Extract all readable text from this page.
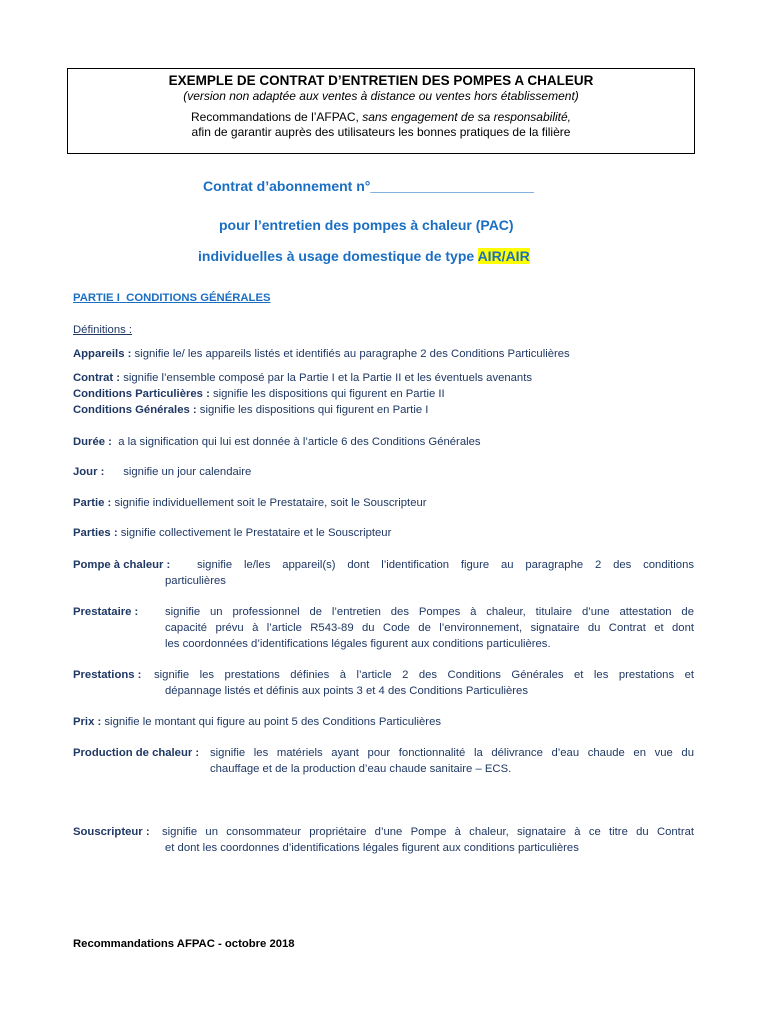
EXEMPLE DE CONTRAT D’ENTRETIEN DES POMPES A CHALEUR
(version non adaptée aux ventes à distance ou ventes hors établissement)
Recommandations de l’AFPAC, sans engagement de sa responsabilité,
afin de garantir auprès des utilisateurs les bonnes pratiques de la filière
Contrat d’abonnement n°_____________________
pour l’entretien des pompes à chaleur (PAC)
individuelles à usage domestique de type AIR/AIR
PARTIE I CONDITIONS GÉNÉRALES
Définitions :
Appareils : signifie le/ les appareils listés et identifiés au paragraphe 2 des Conditions Particulières
Contrat : signifie l’ensemble composé par la Partie I et la Partie II et les éventuels avenants
Conditions Particulières : signifie les dispositions qui figurent en Partie II
Conditions Générales : signifie les dispositions qui figurent en Partie I
Durée :  a la signification qui lui est donnée à l’article 6 des Conditions Générales
Jour :      signifie un jour calendaire
Partie : signifie individuellement soit le Prestataire, soit le Souscripteur
Parties : signifie collectivement le Prestataire et le Souscripteur
Pompe à chaleur : signifie le/les appareil(s) dont l’identification figure au paragraphe 2 des conditions
particulières
Prestataire : signifie un professionnel de l’entretien des Pompes à chaleur, titulaire d’une attestation de
capacité prévu à l’article R543-89 du Code de l’environnement, signataire du Contrat et dont
les coordonnées d’identifications légales figurent aux conditions particulières.
Prestations : signifie les prestations définies à l’article 2 des Conditions Générales et les prestations et
dépannage listés et définis aux points 3 et 4 des Conditions Particulières
Prix : signifie le montant qui figure au point 5 des Conditions Particulières
Production de chaleur : signifie les matériels ayant pour fonctionnalité la délivrance d’eau chaude en vue du
chauffage et de la production d’eau chaude sanitaire – ECS.
Souscripteur : signifie un consommateur propriétaire d’une Pompe à chaleur, signataire à ce titre du Contrat
et dont les coordonnes d’identifications légales figurent aux conditions particulières
Recommandations AFPAC - octobre 2018
